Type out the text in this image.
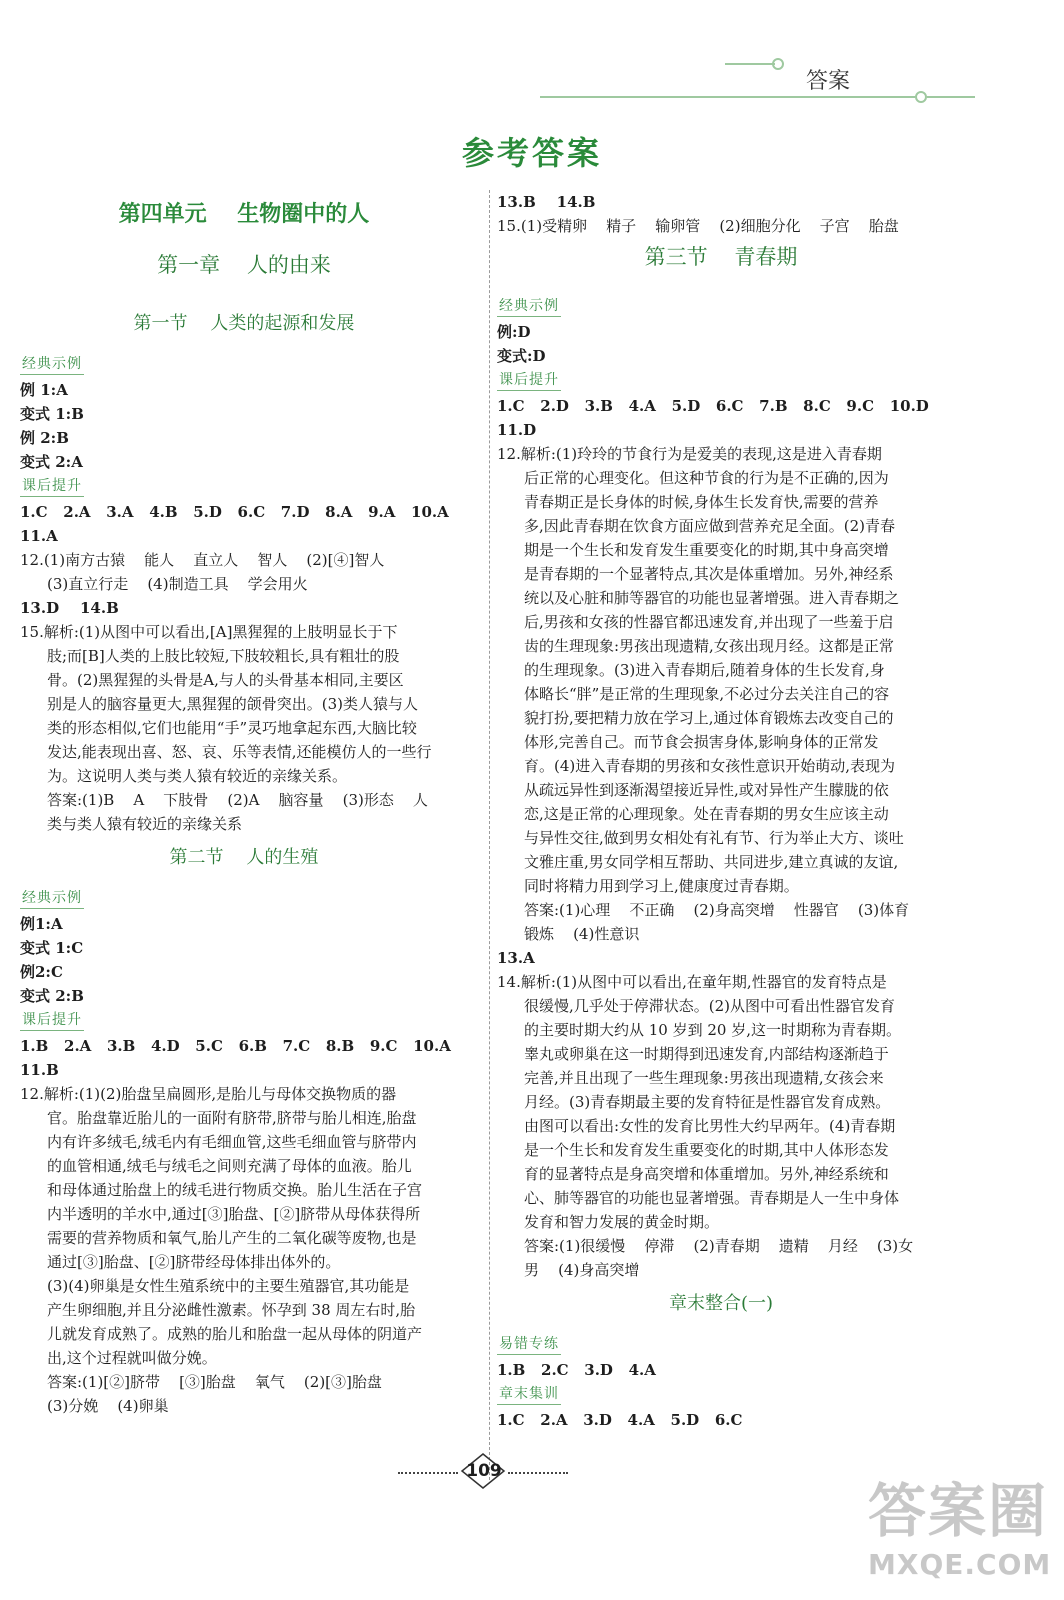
答案
参考答案
第四单元    生物圈中的人
第一章    人的由来
第一节    人类的起源和发展
经典示例
例 1:A
变式 1:B
例 2:B
变式 2:A
课后提升
1.C   2.A   3.A   4.B   5.D   6.C   7.D   8.A   9.A   10.A
11.A
12.(1)南方古猿    能人    直立人    智人    (2)[④]智人
(3)直立行走    (4)制造工具    学会用火
13.D    14.B
15.解析:(1)从图中可以看出,[A]黑猩猩的上肢明显长于下
肢;而[B]人类的上肢比较短,下肢较粗长,具有粗壮的股
骨。(2)黑猩猩的头骨是A,与人的头骨基本相同,主要区
别是人的脑容量更大,黑猩猩的颌骨突出。(3)类人猿与人
类的形态相似,它们也能用“手”灵巧地拿起东西,大脑比较
发达,能表现出喜、怒、哀、乐等表情,还能模仿人的一些行
为。这说明人类与类人猿有较近的亲缘关系。
答案:(1)B    A    下肢骨    (2)A    脑容量    (3)形态    人
类与类人猿有较近的亲缘关系
第二节    人的生殖
经典示例
例1:A
变式 1:C
例2:C
变式 2:B
课后提升
1.B   2.A   3.B   4.D   5.C   6.B   7.C   8.B   9.C   10.A
11.B
12.解析:(1)(2)胎盘呈扁圆形,是胎儿与母体交换物质的器
官。胎盘靠近胎儿的一面附有脐带,脐带与胎儿相连,胎盘
内有许多绒毛,绒毛内有毛细血管,这些毛细血管与脐带内
的血管相通,绒毛与绒毛之间则充满了母体的血液。胎儿
和母体通过胎盘上的绒毛进行物质交换。胎儿生活在子宫
内半透明的羊水中,通过[③]胎盘、[②]脐带从母体获得所
需要的营养物质和氧气,胎儿产生的二氧化碳等废物,也是
通过[③]胎盘、[②]脐带经母体排出体外的。
(3)(4)卵巢是女性生殖系统中的主要生殖器官,其功能是
产生卵细胞,并且分泌雌性激素。怀孕到 38 周左右时,胎
儿就发育成熟了。成熟的胎儿和胎盘一起从母体的阴道产
出,这个过程就叫做分娩。
答案:(1)[②]脐带    [③]胎盘    氧气    (2)[③]胎盘
(3)分娩    (4)卵巢
13.B    14.B
15.(1)受精卵    精子    输卵管    (2)细胞分化    子宫    胎盘
第三节    青春期
经典示例
例:D
变式:D
课后提升
1.C   2.D   3.B   4.A   5.D   6.C   7.B   8.C   9.C   10.D
11.D
12.解析:(1)玲玲的节食行为是爱美的表现,这是进入青春期
后正常的心理变化。但这种节食的行为是不正确的,因为
青春期正是长身体的时候,身体生长发育快,需要的营养
多,因此青春期在饮食方面应做到营养充足全面。(2)青春
期是一个生长和发育发生重要变化的时期,其中身高突增
是青春期的一个显著特点,其次是体重增加。另外,神经系
统以及心脏和肺等器官的功能也显著增强。进入青春期之
后,男孩和女孩的性器官都迅速发育,并出现了一些羞于启
齿的生理现象:男孩出现遗精,女孩出现月经。这都是正常
的生理现象。(3)进入青春期后,随着身体的生长发育,身
体略长“胖”是正常的生理现象,不必过分去关注自己的容
貌打扮,要把精力放在学习上,通过体育锻炼去改变自己的
体形,完善自己。而节食会损害身体,影响身体的正常发
育。(4)进入青春期的男孩和女孩性意识开始萌动,表现为
从疏远异性到逐渐渴望接近异性,或对异性产生朦胧的依
恋,这是正常的心理现象。处在青春期的男女生应该主动
与异性交往,做到男女相处有礼有节、行为举止大方、谈吐
文雅庄重,男女同学相互帮助、共同进步,建立真诚的友谊,
同时将精力用到学习上,健康度过青春期。
答案:(1)心理    不正确    (2)身高突增    性器官    (3)体育
锻炼    (4)性意识
13.A
14.解析:(1)从图中可以看出,在童年期,性器官的发育特点是
很缓慢,几乎处于停滞状态。(2)从图中可看出性器官发育
的主要时期大约从 10 岁到 20 岁,这一时期称为青春期。
睾丸或卵巢在这一时期得到迅速发育,内部结构逐渐趋于
完善,并且出现了一些生理现象:男孩出现遗精,女孩会来
月经。(3)青春期最主要的发育特征是性器官发育成熟。
由图可以看出:女性的发育比男性大约早两年。(4)青春期
是一个生长和发育发生重要变化的时期,其中人体形态发
育的显著特点是身高突增和体重增加。另外,神经系统和
心、肺等器官的功能也显著增强。青春期是人一生中身体
发育和智力发展的黄金时期。
答案:(1)很缓慢    停滞    (2)青春期    遗精    月经    (3)女
男    (4)身高突增
章末整合(一)
易错专练
1.B   2.C   3.D   4.A
章末集训
1.C   2.A   3.D   4.A   5.D   6.C
109
答案圈
MXQE.COM
